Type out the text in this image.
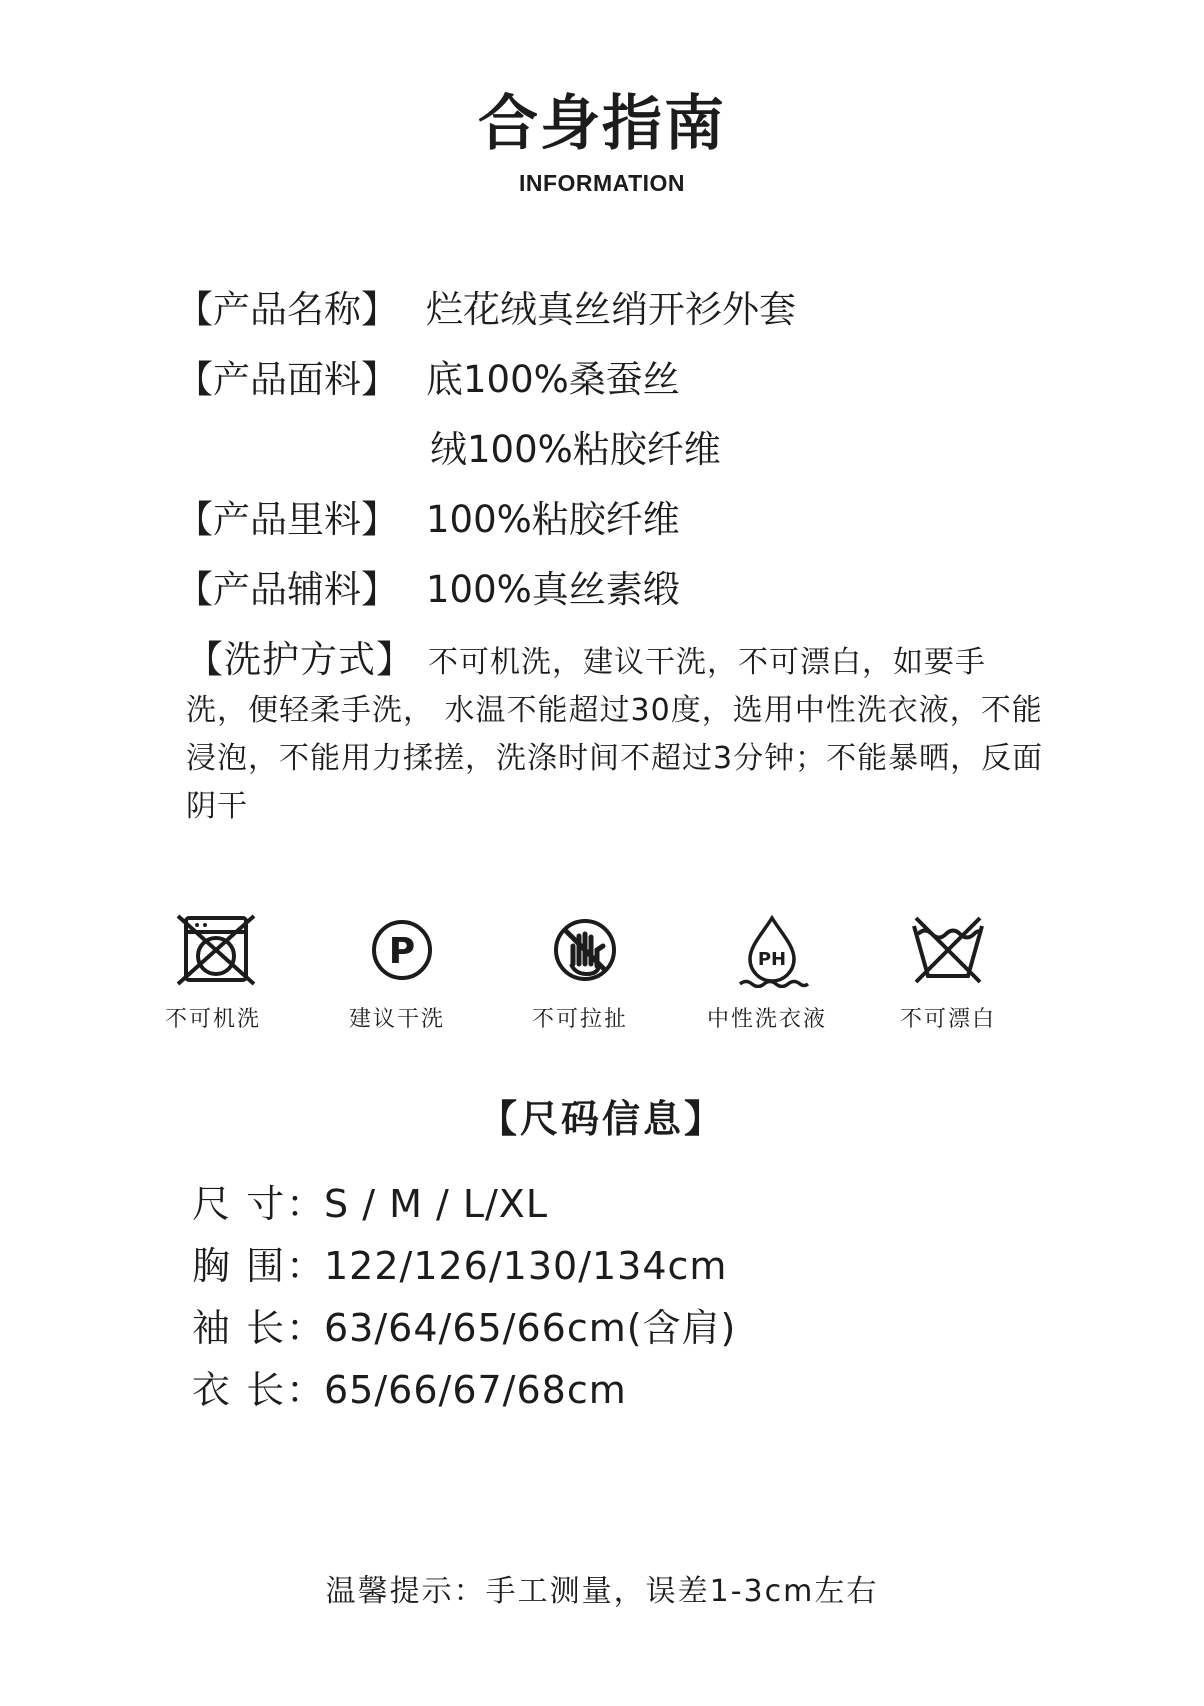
合身指南
INFORMATION
【产品名称】 烂花绒真丝绡开衫外套
【产品面料】 底100%桑蚕丝
绒100%粘胶纤维
【产品里料】 100%粘胶纤维
【产品辅料】 100%真丝素缎
【洗护方式】 不可机洗，建议干洗，不可漂白，如要手洗，便轻柔手洗， 水温不能超过30度，选用中性洗衣液，不能浸泡，不能用力揉搓，洗涤时间不超过3分钟；不能暴晒，反面阴干
P	PH
不可机洗	建议干洗	不可拉扯	中性洗衣液	不可漂白
【尺码信息】
尺 寸：S / M / L/XL
胸 围：122/126/130/134cm
袖 长：63/64/65/66cm(含肩)
衣 长：65/66/67/68cm
温馨提示：手工测量，误差1-3cm左右
